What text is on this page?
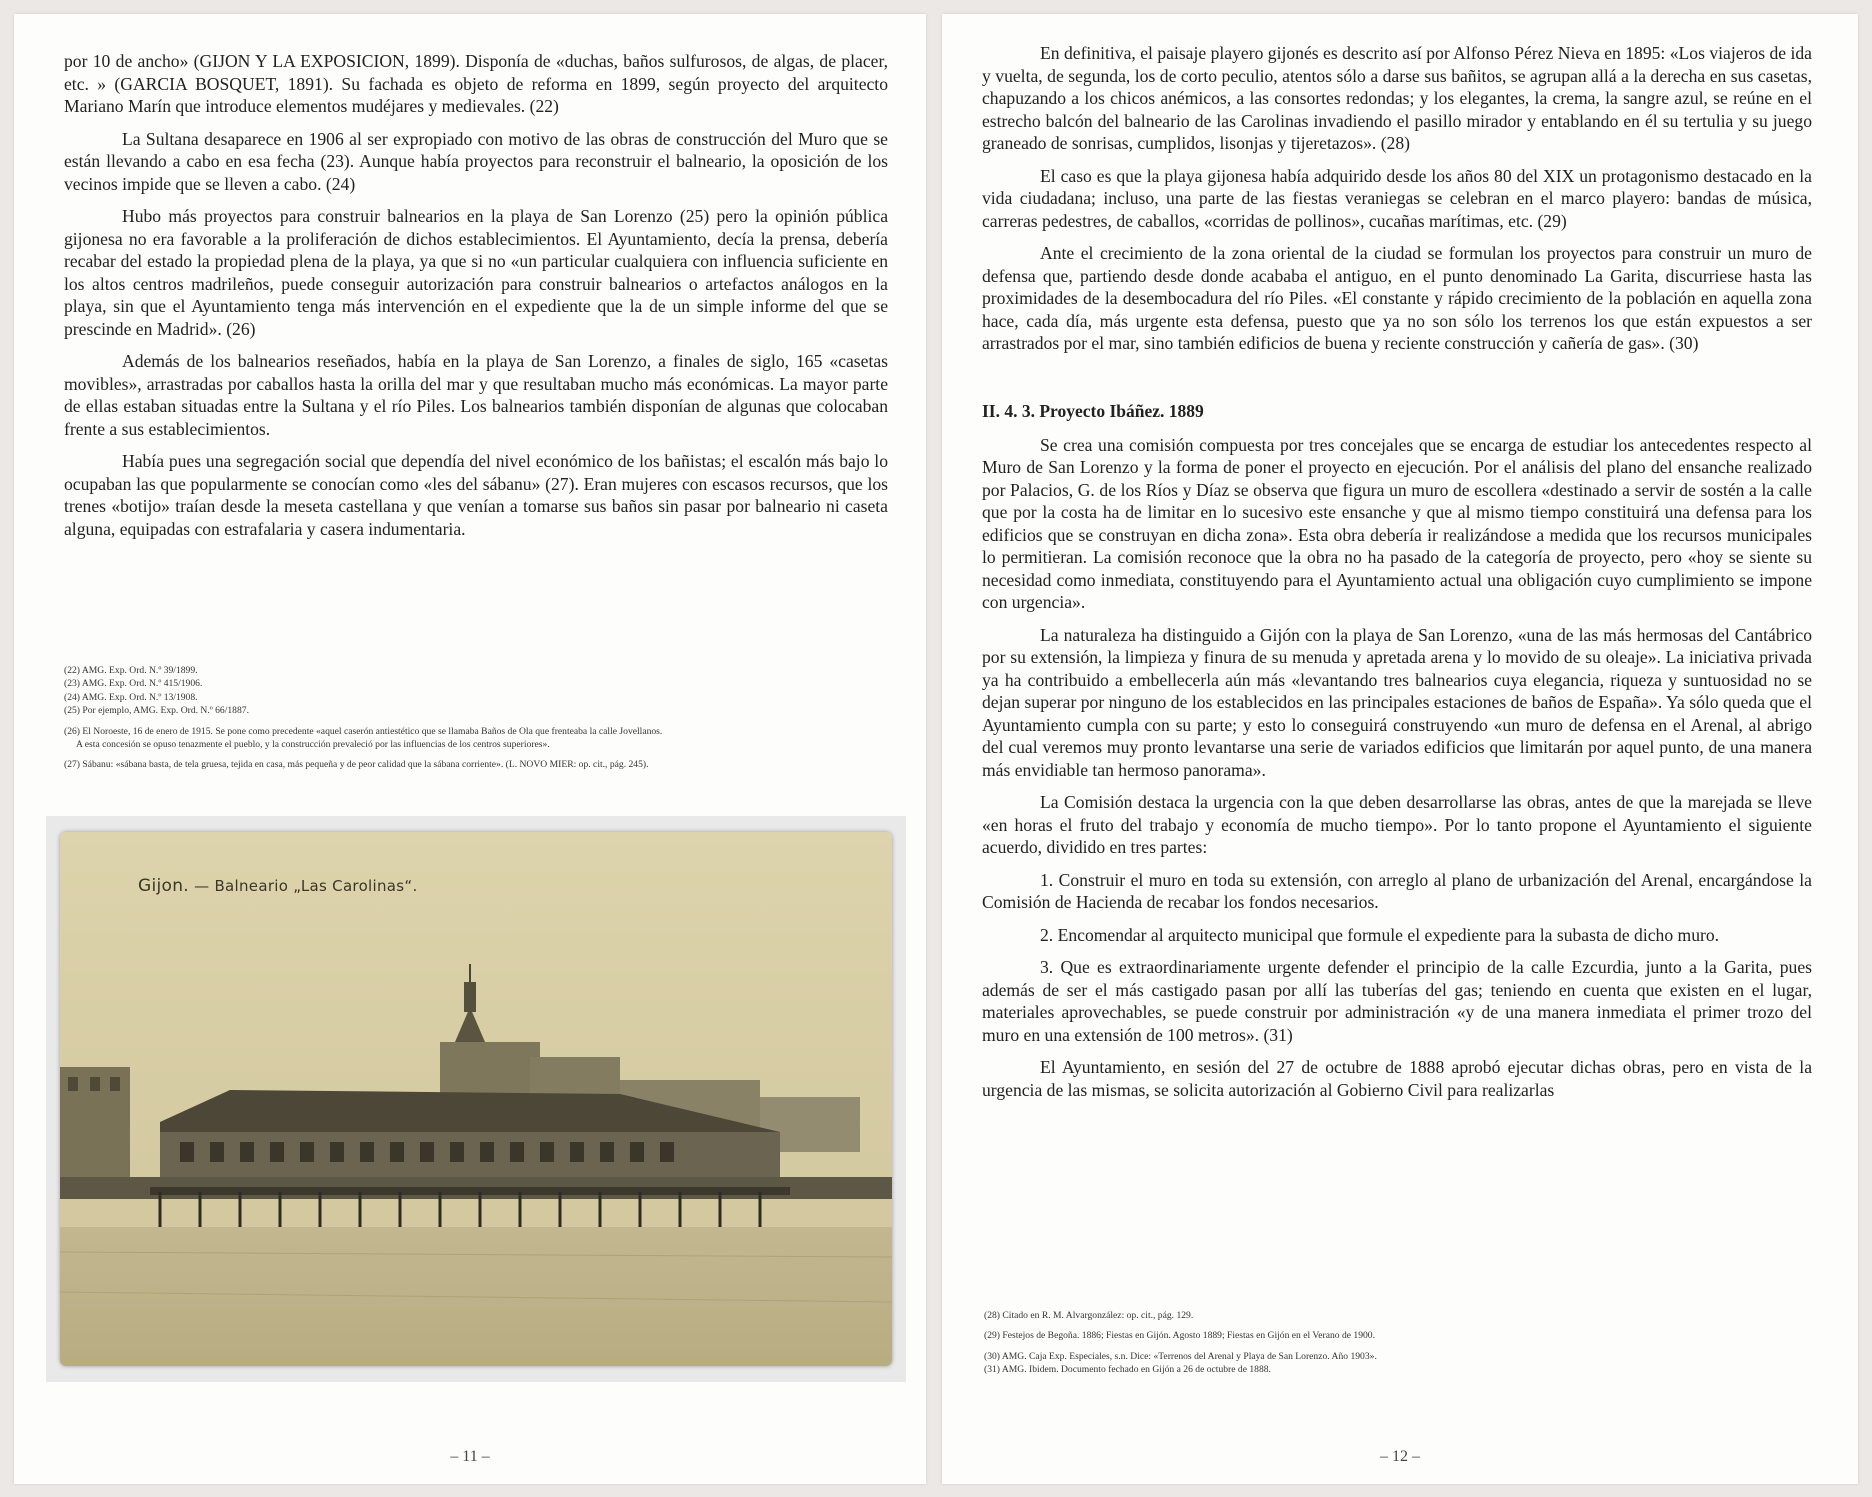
por 10 de ancho» (GIJON Y LA EXPOSICION, 1899). Disponía de «duchas, baños sulfurosos, de algas, de placer, etc. » (GARCIA BOSQUET, 1891). Su fachada es objeto de reforma en 1899, según proyecto del arquitecto Mariano Marín que introduce elementos mudéjares y medievales. (22)

La Sultana desaparece en 1906 al ser expropiado con motivo de las obras de construcción del Muro que se están llevando a cabo en esa fecha (23). Aunque había proyectos para reconstruir el balneario, la oposición de los vecinos impide que se lleven a cabo. (24)

Hubo más proyectos para construir balnearios en la playa de San Lorenzo (25) pero la opinión pública gijonesa no era favorable a la proliferación de dichos establecimientos. El Ayuntamiento, decía la prensa, debería recabar del estado la propiedad plena de la playa, ya que si no «un particular cualquiera con influencia suficiente en los altos centros madrileños, puede conseguir autorización para construir balnearios o artefactos análogos en la playa, sin que el Ayuntamiento tenga más intervención en el expediente que la de un simple informe del que se prescinde en Madrid». (26)

Además de los balnearios reseñados, había en la playa de San Lorenzo, a finales de siglo, 165 «casetas movibles», arrastradas por caballos hasta la orilla del mar y que resultaban mucho más económicas. La mayor parte de ellas estaban situadas entre la Sultana y el río Piles. Los balnearios también disponían de algunas que colocaban frente a sus establecimientos.

Había pues una segregación social que dependía del nivel económico de los bañistas; el escalón más bajo lo ocupaban las que popularmente se conocían como «les del sábanu» (27). Eran mujeres con escasos recursos, que los trenes «botijo» traían desde la meseta castellana y que venían a tomarse sus baños sin pasar por balneario ni caseta alguna, equipadas con estrafalaria y casera indumentaria.

(22) AMG. Exp. Ord. N.º 39/1899.
(23) AMG. Exp. Ord. N.º 415/1906.
(24) AMG. Exp. Ord. N.º 13/1908.
(25) Por ejemplo, AMG. Exp. Ord. N.º 66/1887.
(26) El Noroeste, 16 de enero de 1915. Se pone como precedente «aquel caserón antiestético que se llamaba Baños de Ola que frenteaba la calle Jovellanos.
A esta concesión se opuso tenazmente el pueblo, y la construcción prevaleció por las influencias de los centros superiores».
(27) Sábanu: «sábana basta, de tela gruesa, tejida en casa, más pequeña y de peor calidad que la sábana corriente». (L. NOVO MIER: op. cit., pág. 245).
Gijon. — Balneario „Las Carolinas“.
– 11 –

En definitiva, el paisaje playero gijonés es descrito así por Alfonso Pérez Nieva en 1895: «Los viajeros de ida y vuelta, de segunda, los de corto peculio, atentos sólo a darse sus bañitos, se agrupan allá a la derecha en sus casetas, chapuzando a los chicos anémicos, a las consortes redondas; y los elegantes, la crema, la sangre azul, se reúne en el estrecho balcón del balneario de las Carolinas invadiendo el pasillo mirador y entablando en él su tertulia y su juego graneado de sonrisas, cumplidos, lisonjas y tijeretazos». (28)

El caso es que la playa gijonesa había adquirido desde los años 80 del XIX un protagonismo destacado en la vida ciudadana; incluso, una parte de las fiestas veraniegas se celebran en el marco playero: bandas de música, carreras pedestres, de caballos, «corridas de pollinos», cucañas marítimas, etc. (29)

Ante el crecimiento de la zona oriental de la ciudad se formulan los proyectos para construir un muro de defensa que, partiendo desde donde acababa el antiguo, en el punto denominado La Garita, discurriese hasta las proximidades de la desembocadura del río Piles. «El constante y rápido crecimiento de la población en aquella zona hace, cada día, más urgente esta defensa, puesto que ya no son sólo los terrenos los que están expuestos a ser arrastrados por el mar, sino también edificios de buena y reciente construcción y cañería de gas». (30)

II. 4. 3. Proyecto Ibáñez. 1889

Se crea una comisión compuesta por tres concejales que se encarga de estudiar los antecedentes respecto al Muro de San Lorenzo y la forma de poner el proyecto en ejecución. Por el análisis del plano del ensanche realizado por Palacios, G. de los Ríos y Díaz se observa que figura un muro de escollera «destinado a servir de sostén a la calle que por la costa ha de limitar en lo sucesivo este ensanche y que al mismo tiempo constituirá una defensa para los edificios que se construyan en dicha zona». Esta obra debería ir realizándose a medida que los recursos municipales lo permitieran. La comisión reconoce que la obra no ha pasado de la categoría de proyecto, pero «hoy se siente su necesidad como inmediata, constituyendo para el Ayuntamiento actual una obligación cuyo cumplimiento se impone con urgencia».

La naturaleza ha distinguido a Gijón con la playa de San Lorenzo, «una de las más hermosas del Cantábrico por su extensión, la limpieza y finura de su menuda y apretada arena y lo movido de su oleaje». La iniciativa privada ya ha contribuido a embellecerla aún más «levantando tres balnearios cuya elegancia, riqueza y suntuosidad no se dejan superar por ninguno de los establecidos en las principales estaciones de baños de España». Ya sólo queda que el Ayuntamiento cumpla con su parte; y esto lo conseguirá construyendo «un muro de defensa en el Arenal, al abrigo del cual veremos muy pronto levantarse una serie de variados edificios que limitarán por aquel punto, de una manera más envidiable tan hermoso panorama».

La Comisión destaca la urgencia con la que deben desarrollarse las obras, antes de que la marejada se lleve «en horas el fruto del trabajo y economía de mucho tiempo». Por lo tanto propone el Ayuntamiento el siguiente acuerdo, dividido en tres partes:

1. Construir el muro en toda su extensión, con arreglo al plano de urbanización del Arenal, encargándose la Comisión de Hacienda de recabar los fondos necesarios.

2. Encomendar al arquitecto municipal que formule el expediente para la subasta de dicho muro.

3. Que es extraordinariamente urgente defender el principio de la calle Ezcurdia, junto a la Garita, pues además de ser el más castigado pasan por allí las tuberías del gas; teniendo en cuenta que existen en el lugar, materiales aprovechables, se puede construir por administración «y de una manera inmediata el primer trozo del muro en una extensión de 100 metros». (31)

El Ayuntamiento, en sesión del 27 de octubre de 1888 aprobó ejecutar dichas obras, pero en vista de la urgencia de las mismas, se solicita autorización al Gobierno Civil para realizarlas

(28) Citado en R. M. Alvargonzález: op. cit., pág. 129.
(29) Festejos de Begoña. 1886; Fiestas en Gijón. Agosto 1889; Fiestas en Gijón en el Verano de 1900.
(30) AMG. Caja Exp. Especiales, s.n. Dice: «Terrenos del Arenal y Playa de San Lorenzo. Año 1903».
(31) AMG. Ibidem. Documento fechado en Gijón a 26 de octubre de 1888.
– 12 –
